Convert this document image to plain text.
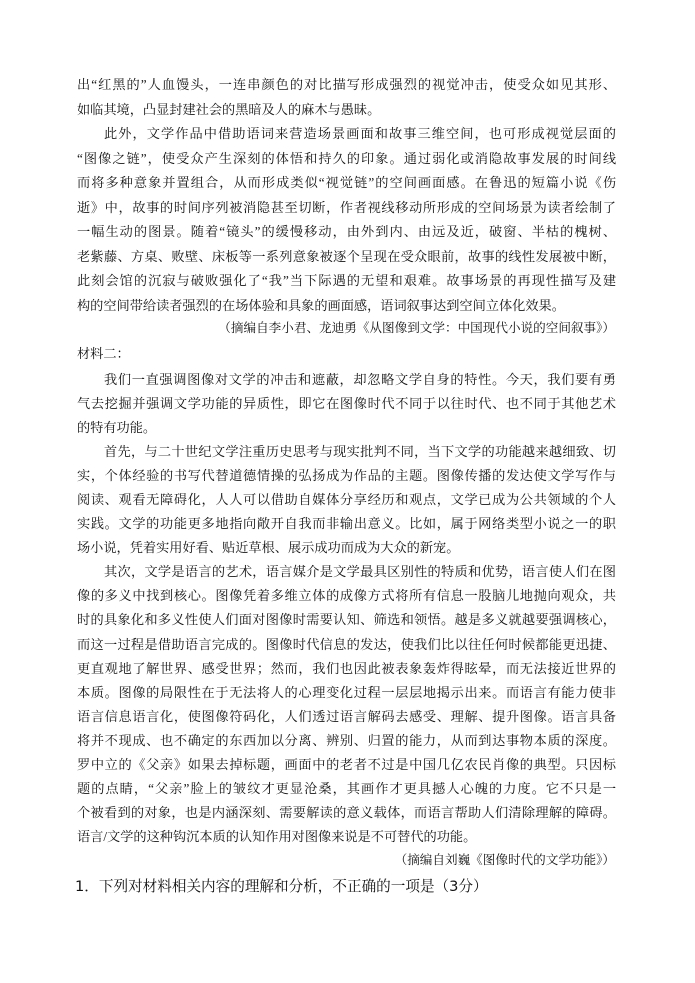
出“红黑的”人血馒头，一连串颜色的对比描写形成强烈的视觉冲击，使受众如见其形、
如临其境，凸显封建社会的黑暗及人的麻木与愚昧。
此外，文学作品中借助语词来营造场景画面和故事三维空间，也可形成视觉层面的
“图像之链”，使受众产生深刻的体悟和持久的印象。通过弱化或消隐故事发展的时间线
而将多种意象并置组合，从而形成类似“视觉链”的空间画面感。在鲁迅的短篇小说《伤
逝》中，故事的时间序列被消隐甚至切断，作者视线移动所形成的空间场景为读者绘制了
一幅生动的图景。随着“镜头”的缓慢移动，由外到内、由远及近，破窗、半枯的槐树、
老紫藤、方桌、败壁、床板等一系列意象被逐个呈现在受众眼前，故事的线性发展被中断，
此刻会馆的沉寂与破败强化了“我”当下际遇的无望和艰难。故事场景的再现性描写及建
构的空间带给读者强烈的在场体验和具象的画面感，语词叙事达到空间立体化效果。
（摘编自李小君、龙迪勇《从图像到文学：中国现代小说的空间叙事》）
材料二：
我们一直强调图像对文学的冲击和遮蔽，却忽略文学自身的特性。今天，我们要有勇
气去挖掘并强调文学功能的异质性，即它在图像时代不同于以往时代、也不同于其他艺术
的特有功能。
首先，与二十世纪文学注重历史思考与现实批判不同，当下文学的功能越来越细致、切
实，个体经验的书写代替道德情操的弘扬成为作品的主题。图像传播的发达使文学写作与
阅读、观看无障碍化，人人可以借助自媒体分享经历和观点，文学已成为公共领域的个人
实践。文学的功能更多地指向敞开自我而非输出意义。比如，属于网络类型小说之一的职
场小说，凭着实用好看、贴近草根、展示成功而成为大众的新宠。
其次，文学是语言的艺术，语言媒介是文学最具区别性的特质和优势，语言使人们在图
像的多义中找到核心。图像凭着多维立体的成像方式将所有信息一股脑儿地抛向观众，共
时的具象化和多义性使人们面对图像时需要认知、筛选和领悟。越是多义就越要强调核心，
而这一过程是借助语言完成的。图像时代信息的发达，使我们比以往任何时候都能更迅捷、
更直观地了解世界、感受世界；然而，我们也因此被表象轰炸得眩晕，而无法接近世界的
本质。图像的局限性在于无法将人的心理变化过程一层层地揭示出来。而语言有能力使非
语言信息语言化，使图像符码化，人们透过语言解码去感受、理解、提升图像。语言具备
将并不现成、也不确定的东西加以分离、辨别、归置的能力，从而到达事物本质的深度。
罗中立的《父亲》如果去掉标题，画面中的老者不过是中国几亿农民肖像的典型。只因标
题的点睛，“父亲”脸上的皱纹才更显沧桑，其画作才更具撼人心魄的力度。它不只是一
个被看到的对象，也是内涵深刻、需要解读的意义载体，而语言帮助人们清除理解的障碍。
语言/文学的这种钩沉本质的认知作用对图像来说是不可替代的功能。
（摘编自刘巍《图像时代的文学功能》）
1．下列对材料相关内容的理解和分析，不正确的一项是（3分）
